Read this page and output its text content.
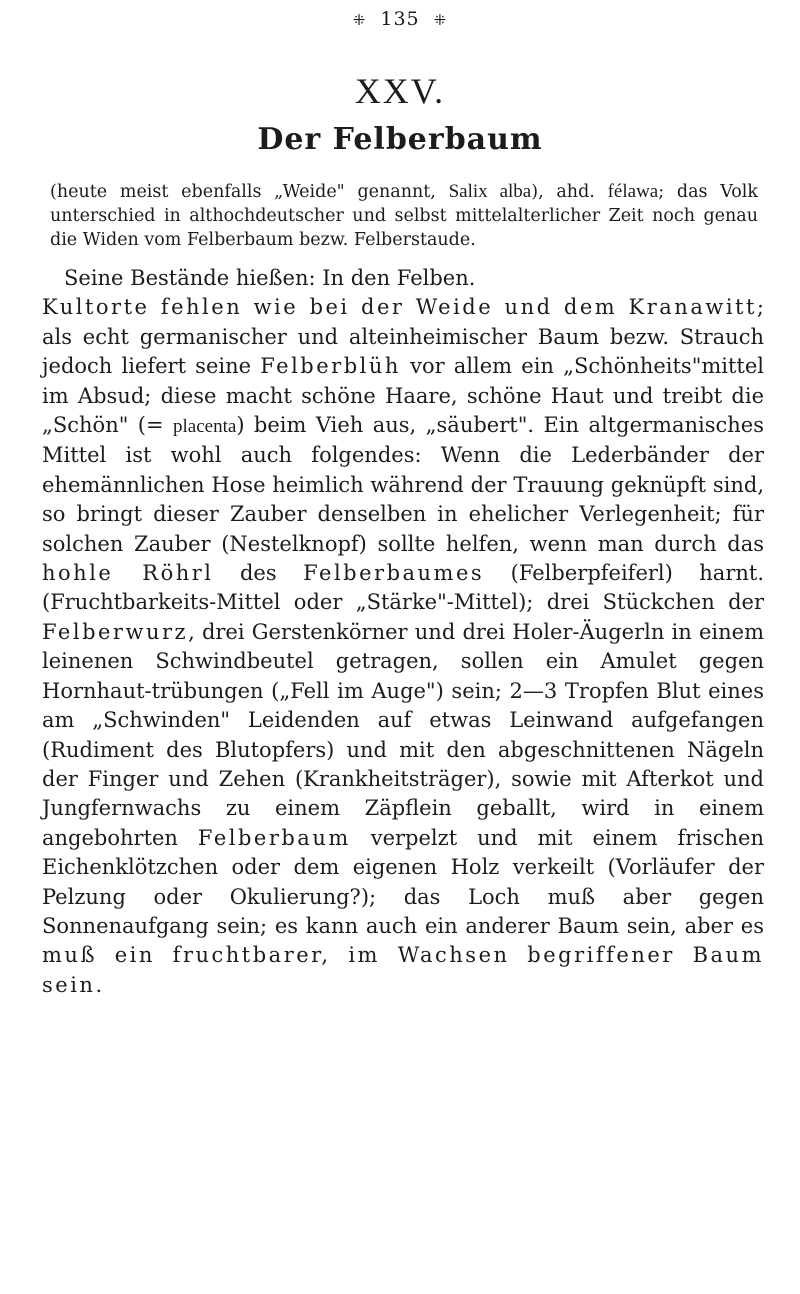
⁜ 135 ⁜
XXV.
Der Felberbaum
(heute meist ebenfalls „Weide" genannt, Salix alba), ahd. félawa; das Volk unterschied in althochdeutscher und selbst mittelalterlicher Zeit noch genau die Widen vom Felberbaum bezw. Felberstaude.

Seine Bestände hießen: In den Felben.
Kultorte fehlen wie bei der Weide und dem Kranawitt; als echt germanischer und alteinheimischer Baum bezw. Strauch jedoch liefert seine Felberblüh vor allem ein „Schönheits"mittel im Absud; diese macht schöne Haare, schöne Haut und treibt die „Schön" (= placenta) beim Vieh aus, „säubert". Ein altgermanisches Mittel ist wohl auch folgendes: Wenn die Lederbänder der ehemännlichen Hose heimlich während der Trauung geknüpft sind, so bringt dieser Zauber denselben in ehelicher Verlegenheit; für solchen Zauber (Nestelknopf) sollte helfen, wenn man durch das hohle Röhrl des Felberbaumes (Felberpfeiferl) harnt. (Fruchtbarkeits-Mittel oder „Stärke"-Mittel); drei Stückchen der Felberwurz, drei Gerstenkörner und drei Holer-Äugerln in einem leinenen Schwindbeutel getragen, sollen ein Amulet gegen Hornhaut-trübungen („Fell im Auge") sein; 2—3 Tropfen Blut eines am „Schwinden" Leidenden auf etwas Leinwand aufgefangen (Rudiment des Blutopfers) und mit den abgeschnittenen Nägeln der Finger und Zehen (Krankheitsträger), sowie mit Afterkot und Jungfernwachs zu einem Zäpflein geballt, wird in einem angebohrten Felberbaum verpelzt und mit einem frischen Eichenklötzchen oder dem eigenen Holz verkeilt (Vorläufer der Pelzung oder Okulierung?); das Loch muß aber gegen Sonnenaufgang sein; es kann auch ein anderer Baum sein, aber es muß ein fruchtbarer, im Wachsen begriffener Baum sein.
